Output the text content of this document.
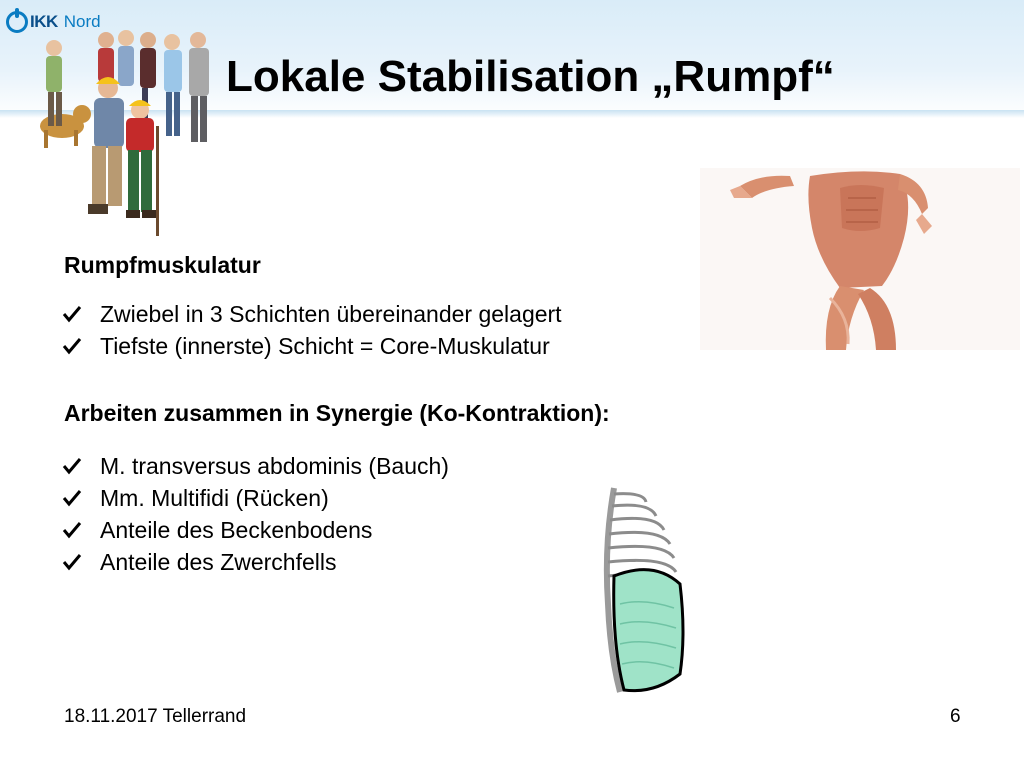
IKK Nord
Lokale Stabilisation „Rumpf“
Rumpfmuskulatur
Zwiebel in 3 Schichten übereinander gelagert
Tiefste (innerste) Schicht = Core-Muskulatur
Arbeiten zusammen in Synergie (Ko-Kontraktion):
M. transversus abdominis (Bauch)
Mm. Multifidi (Rücken)
Anteile des Beckenbodens
Anteile des Zwerchfells
18.11.2017 Tellerrand	6
